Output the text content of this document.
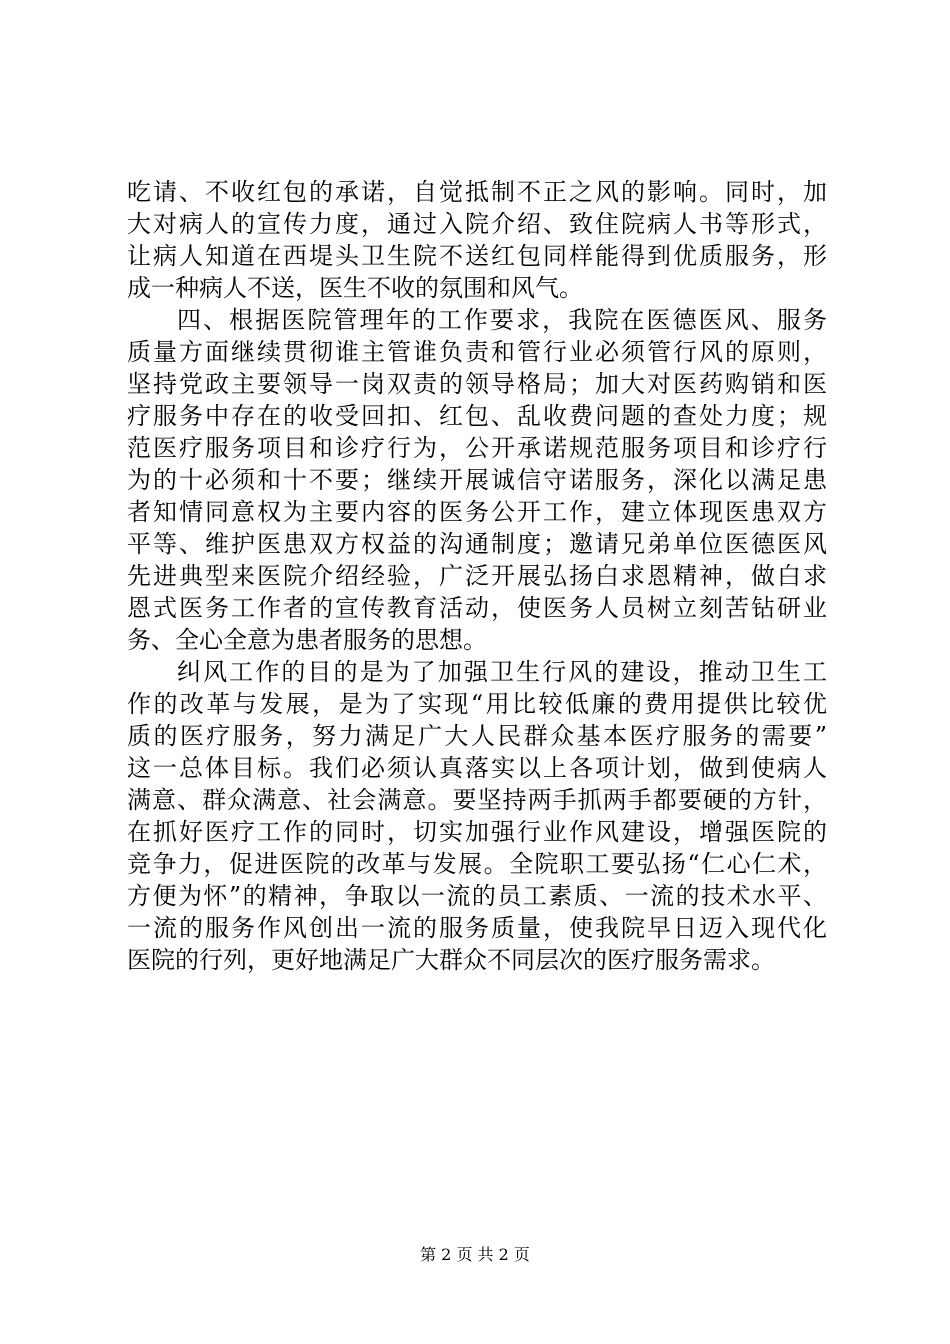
吃请、不收红包的承诺，自觉抵制不正之风的影响。同时，加
大对病人的宣传力度，通过入院介绍、致住院病人书等形式，
让病人知道在西堤头卫生院不送红包同样能得到优质服务，形
成一种病人不送，医生不收的氛围和风气。
四、根据医院管理年的工作要求，我院在医德医风、服务
质量方面继续贯彻谁主管谁负责和管行业必须管行风的原则，
坚持党政主要领导一岗双责的领导格局；加大对医药购销和医
疗服务中存在的收受回扣、红包、乱收费问题的查处力度；规
范医疗服务项目和诊疗行为，公开承诺规范服务项目和诊疗行
为的十必须和十不要；继续开展诚信守诺服务，深化以满足患
者知情同意权为主要内容的医务公开工作，建立体现医患双方
平等、维护医患双方权益的沟通制度；邀请兄弟单位医德医风
先进典型来医院介绍经验，广泛开展弘扬白求恩精神，做白求
恩式医务工作者的宣传教育活动，使医务人员树立刻苦钻研业
务、全心全意为患者服务的思想。
纠风工作的目的是为了加强卫生行风的建设，推动卫生工
作的改革与发展，是为了实现“用比较低廉的费用提供比较优
质的医疗服务，努力满足广大人民群众基本医疗服务的需要”
这一总体目标。我们必须认真落实以上各项计划，做到使病人
满意、群众满意、社会满意。要坚持两手抓两手都要硬的方针，
在抓好医疗工作的同时，切实加强行业作风建设，增强医院的
竞争力，促进医院的改革与发展。全院职工要弘扬“仁心仁术，
方便为怀”的精神，争取以一流的员工素质、一流的技术水平、
一流的服务作风创出一流的服务质量，使我院早日迈入现代化
医院的行列，更好地满足广大群众不同层次的医疗服务需求。
第 2 页 共 2 页
